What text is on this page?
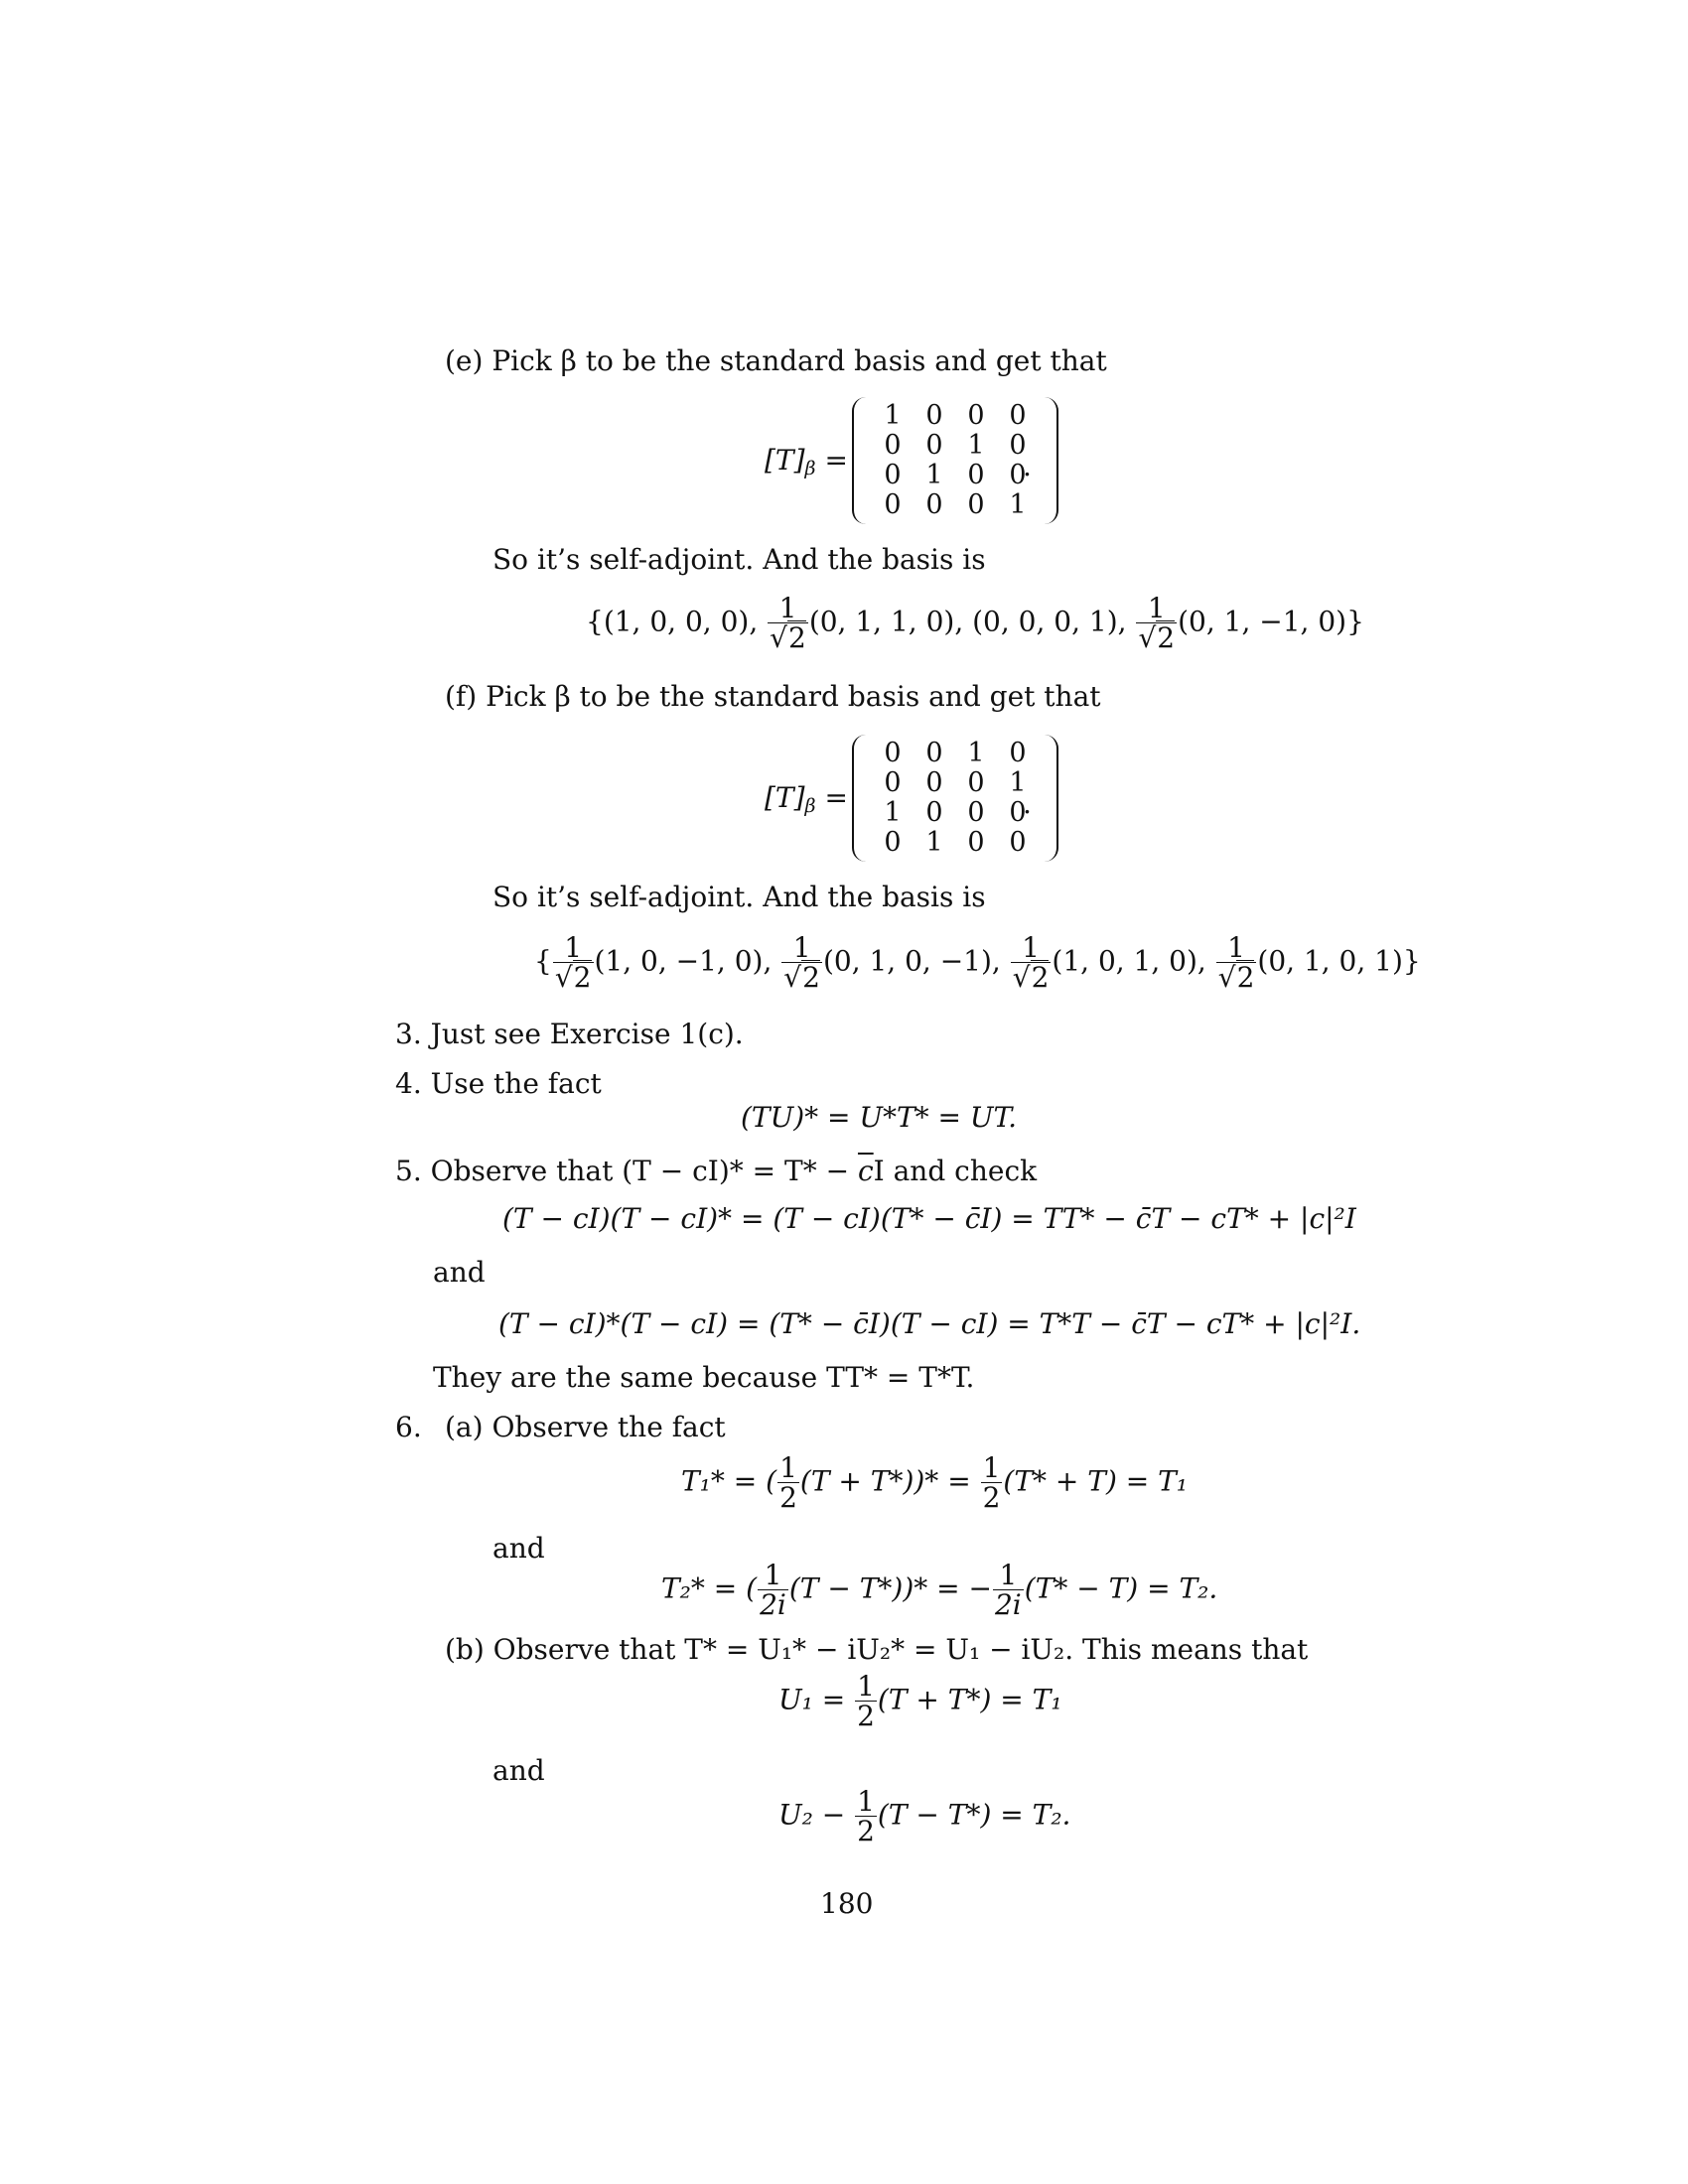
(e) Pick β to be the standard basis and get that
$[T]_\beta$ =
1 0 0 0
0 0 1 0
0 1 0 0
0 0 0 1
.
So it’s self-adjoint. And the basis is
{(1, 0, 0, 0), $\frac{1}{√2} (0$, 1, 1, 0), (0, 0, 0, 1), $\frac{1}{√2} (0$, 1, −1, 0)}
(f) Pick β to be the standard basis and get that
$[T]_\beta$ =
0 0 1 0
0 0 0 1
1 0 0 0
0 1 0 0
.
So it’s self-adjoint. And the basis is
{ $\frac{1}{√2} (1$, 0, −1, 0), $\frac{1}{√2} (0$, 1, 0, −1), $\frac{1}{√2} (1$, 0, 1, 0), $\frac{1}{√2} (0$, 1, 0, 1)}
3. Just see Exercise 1(c).
4. Use the fact
(TU)* = U*T* = UT.
5. Observe that $(T - cI)* = T* - \overline{c}I$ and check
(T − cI)(T − cI)* = (T − cI)(T* − c̄I) = TT* − c̄T − cT* + |c|²I
and
(T − cI)*(T − cI) = (T* − c̄I)(T − cI) = T*T − c̄T − cT* + |c|²I.
They are the same because TT* = T*T.
6. (a) Observe the fact
T₁* = ( $\frac{1}{2} (T + T*))* = \frac{1}{2} (T* + T) = T_1$
and
T₂* = ( $\frac{1}{2i} (T - T*))*$ = − $\frac{1}{2i} (T* - T) = T_2$.
(b) Observe that T* = U₁* − iU₂* = U₁ − iU₂. This means that
$U_1 = \frac{1}{2} (T + T*) = T_1$
and
$U_2 - \frac{1}{2} (T - T*) = T_2$.
180
